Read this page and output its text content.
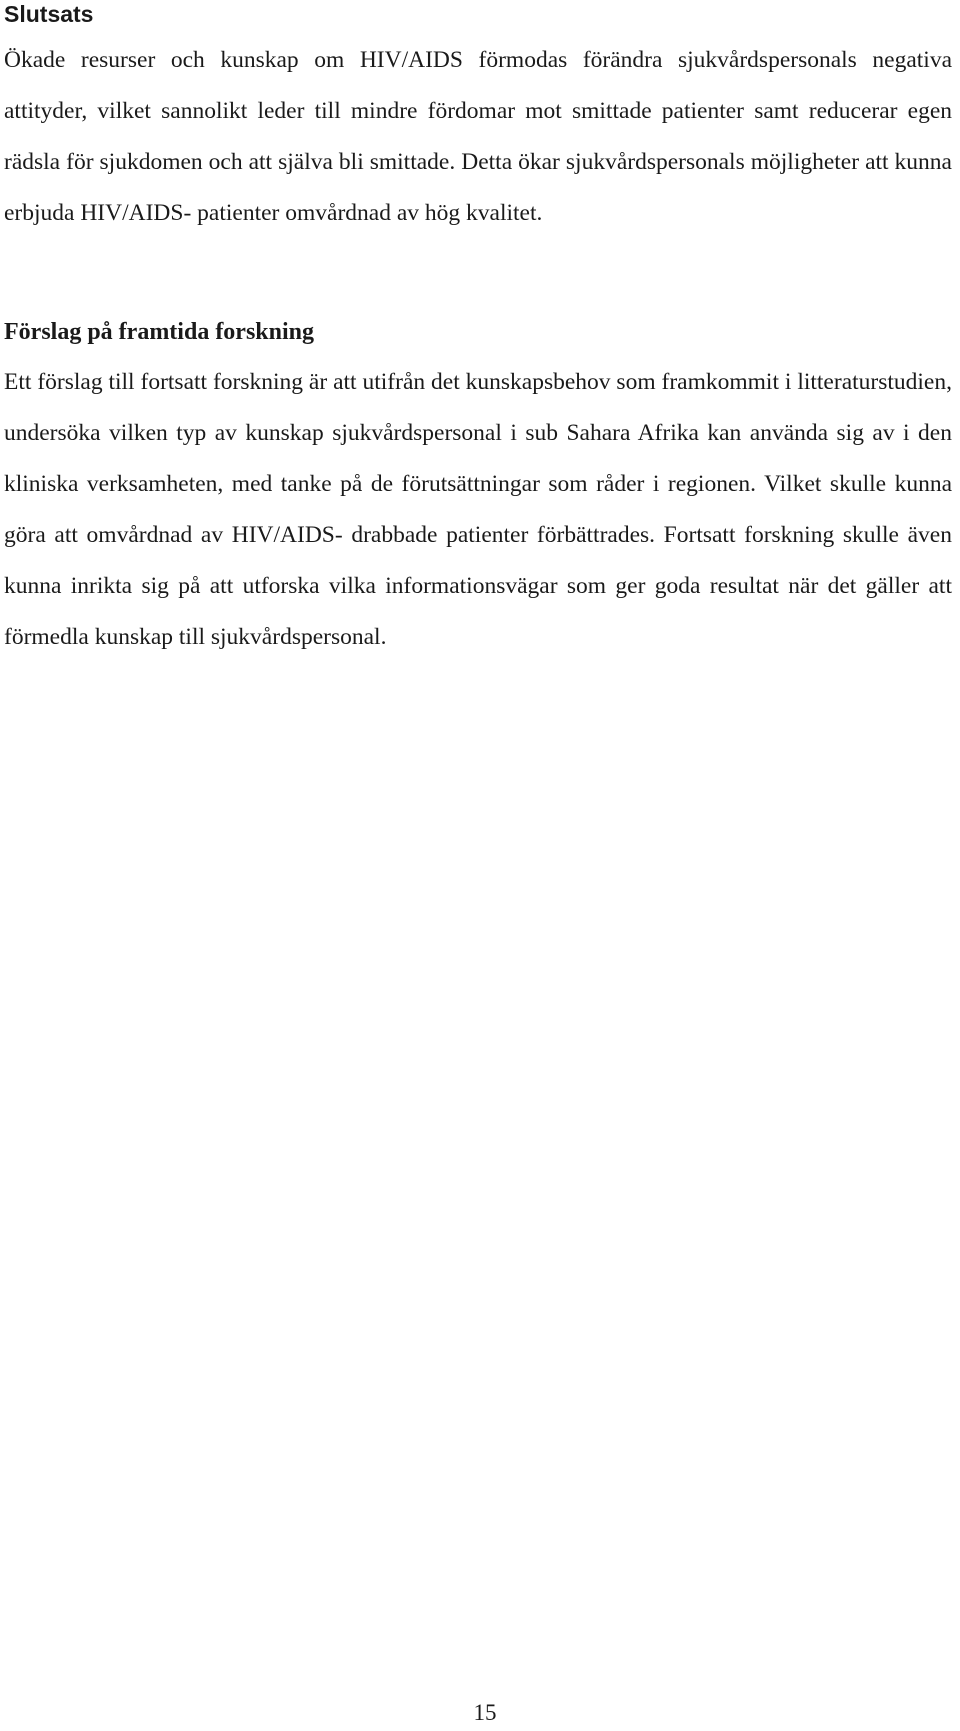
Slutsats

Ökade resurser och kunskap om HIV/AIDS förmodas förändra sjukvårdspersonals negativa attityder, vilket sannolikt leder till mindre fördomar mot smittade patienter samt reducerar egen rädsla för sjukdomen och att själva bli smittade. Detta ökar sjukvårdspersonals möjligheter att kunna erbjuda HIV/AIDS- patienter omvårdnad av hög kvalitet.

Förslag på framtida forskning

Ett förslag till fortsatt forskning är att utifrån det kunskapsbehov som framkommit i litteraturstudien, undersöka vilken typ av kunskap sjukvårdspersonal i sub Sahara Afrika kan använda sig av i den kliniska verksamheten, med tanke på de förutsättningar som råder i regionen. Vilket skulle kunna göra att omvårdnad av HIV/AIDS- drabbade patienter förbättrades. Fortsatt forskning skulle även kunna inrikta sig på att utforska vilka informationsvägar som ger goda resultat när det gäller att förmedla kunskap till sjukvårdspersonal.

15
